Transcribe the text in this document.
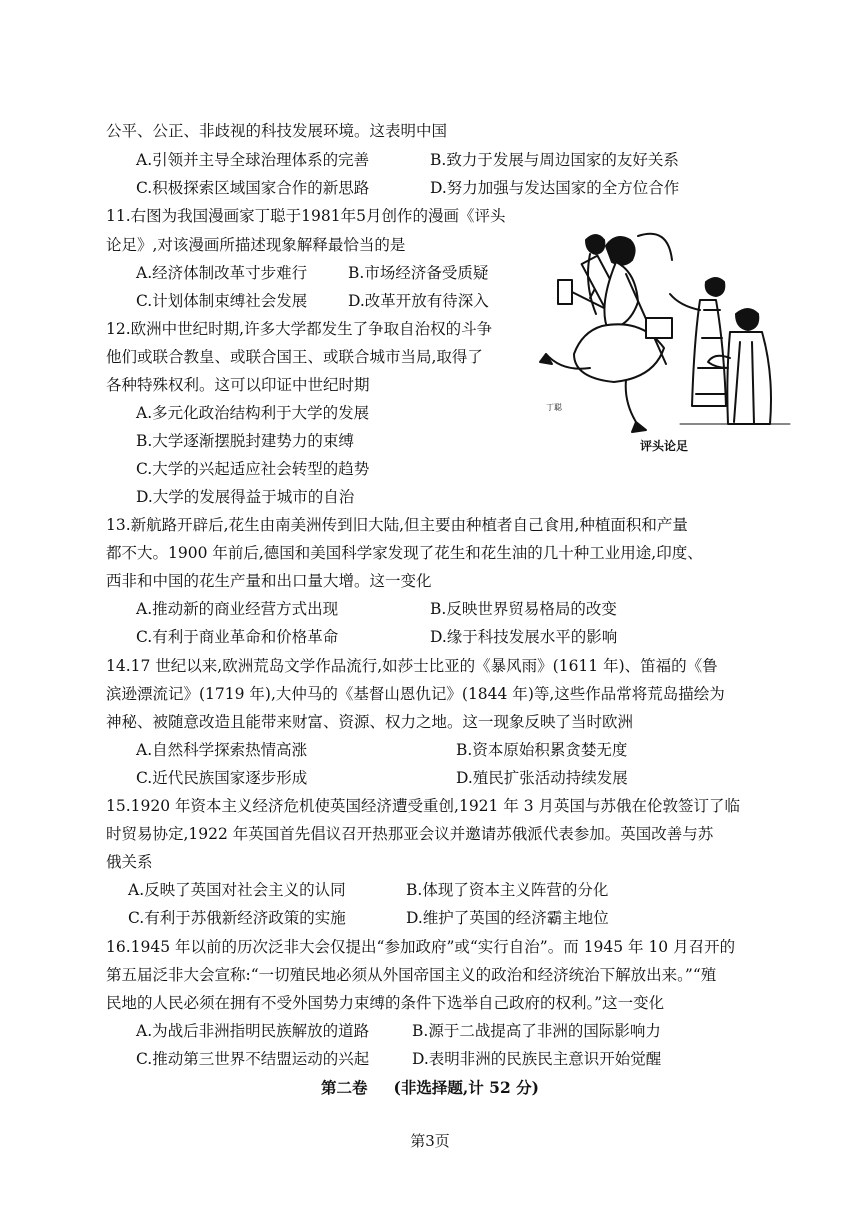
公平、公正、非歧视的科技发展环境。这表明中国
A.引领并主导全球治理体系的完善	B.致力于发展与周边国家的友好关系
C.积极探索区域国家合作的新思路	D.努力加强与发达国家的全方位合作
11.右图为我国漫画家丁聪于1981年5月创作的漫画《评头
论足》,对该漫画所描述现象解释最恰当的是
A.经济体制改革寸步难行	B.市场经济备受质疑
C.计划体制束缚社会发展	D.改革开放有待深入
12.欧洲中世纪时期,许多大学都发生了争取自治权的斗争
他们或联合教皇、或联合国王、或联合城市当局,取得了
各种特殊权利。这可以印证中世纪时期
A.多元化政治结构利于大学的发展
B.大学逐渐摆脱封建势力的束缚
C.大学的兴起适应社会转型的趋势
D.大学的发展得益于城市的自治
丁聪
评头论足
13.新航路开辟后,花生由南美洲传到旧大陆,但主要由种植者自己食用,种植面积和产量
都不大。1900 年前后,德国和美国科学家发现了花生和花生油的几十种工业用途,印度、
西非和中国的花生产量和出口量大增。这一变化
A.推动新的商业经营方式出现	B.反映世界贸易格局的改变
C.有利于商业革命和价格革命	D.缘于科技发展水平的影响
14.17 世纪以来,欧洲荒岛文学作品流行,如莎士比亚的《暴风雨》(1611 年)、笛福的《鲁
滨逊漂流记》(1719 年),大仲马的《基督山恩仇记》(1844 年)等,这些作品常将荒岛描绘为
神秘、被随意改造且能带来财富、资源、权力之地。这一现象反映了当时欧洲
A.自然科学探索热情高涨	B.资本原始积累贪婪无度
C.近代民族国家逐步形成	D.殖民扩张活动持续发展
15.1920 年资本主义经济危机使英国经济遭受重创,1921 年 3 月英国与苏俄在伦敦签订了临
时贸易协定,1922 年英国首先倡议召开热那亚会议并邀请苏俄派代表参加。英国改善与苏
俄关系
A.反映了英国对社会主义的认同	B.体现了资本主义阵营的分化
C.有利于苏俄新经济政策的实施	D.维护了英国的经济霸主地位
16.1945 年以前的历次泛非大会仅提出“参加政府”或“实行自治”。而 1945 年 10 月召开的
第五届泛非大会宣称:“一切殖民地必须从外国帝国主义的政治和经济统治下解放出来。”“殖
民地的人民必须在拥有不受外国势力束缚的条件下选举自己政府的权利。”这一变化
A.为战后非洲指明民族解放的道路	B.源于二战提高了非洲的国际影响力
C.推动第三世界不结盟运动的兴起	D.表明非洲的民族民主意识开始觉醒
第二卷 (非选择题,计 52 分)
第3页
